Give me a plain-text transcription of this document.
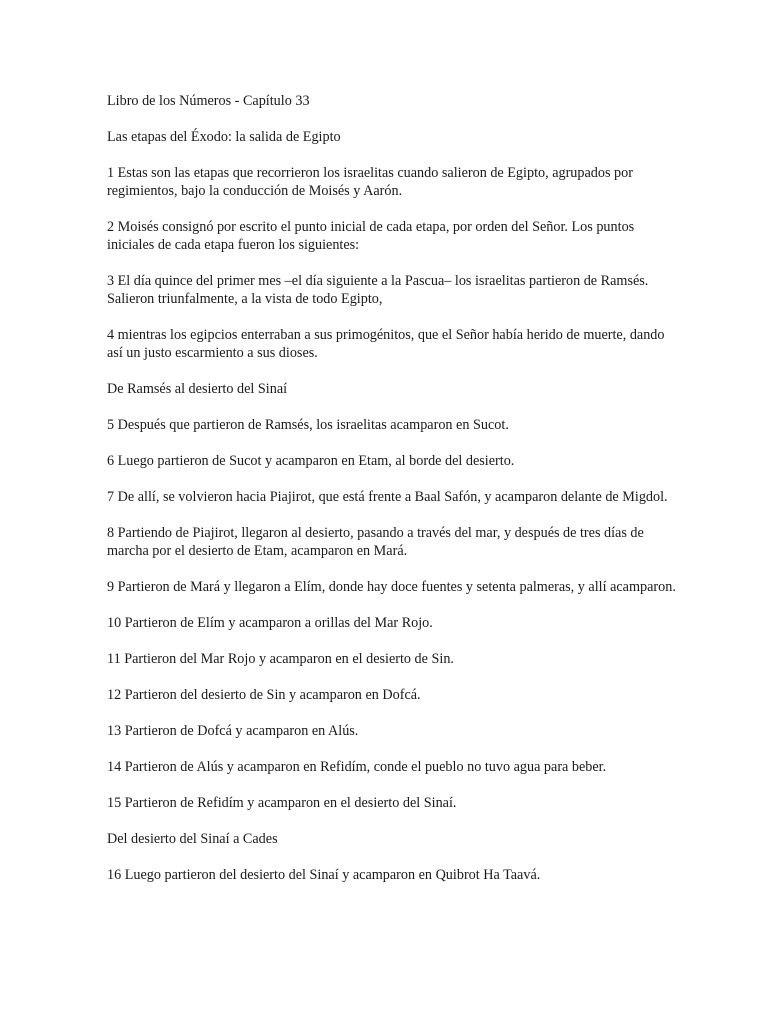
Libro de los Números - Capítulo 33

Las etapas del Éxodo: la salida de Egipto

1 Estas son las etapas que recorrieron los israelitas cuando salieron de Egipto, agrupados por regimientos, bajo la conducción de Moisés y Aarón.

2 Moisés consignó por escrito el punto inicial de cada etapa, por orden del Señor. Los puntos iniciales de cada etapa fueron los siguientes:

3 El día quince del primer mes –el día siguiente a la Pascua– los israelitas partieron de Ramsés. Salieron triunfalmente, a la vista de todo Egipto,

4 mientras los egipcios enterraban a sus primogénitos, que el Señor había herido de muerte, dando así un justo escarmiento a sus dioses.

De Ramsés al desierto del Sinaí

5 Después que partieron de Ramsés, los israelitas acamparon en Sucot.

6 Luego partieron de Sucot y acamparon en Etam, al borde del desierto.

7 De allí, se volvieron hacia Piajirot, que está frente a Baal Safón, y acamparon delante de Migdol.

8 Partiendo de Piajirot, llegaron al desierto, pasando a través del mar, y después de tres días de marcha por el desierto de Etam, acamparon en Mará.

9 Partieron de Mará y llegaron a Elím, donde hay doce fuentes y setenta palmeras, y allí acamparon.

10 Partieron de Elím y acamparon a orillas del Mar Rojo.

11 Partieron del Mar Rojo y acamparon en el desierto de Sin.

12 Partieron del desierto de Sin y acamparon en Dofcá.

13 Partieron de Dofcá y acamparon en Alús.

14 Partieron de Alús y acamparon en Refidím, conde el pueblo no tuvo agua para beber.

15 Partieron de Refidím y acamparon en el desierto del Sinaí.

Del desierto del Sinaí a Cades

16 Luego partieron del desierto del Sinaí y acamparon en Quibrot Ha Taavá.
